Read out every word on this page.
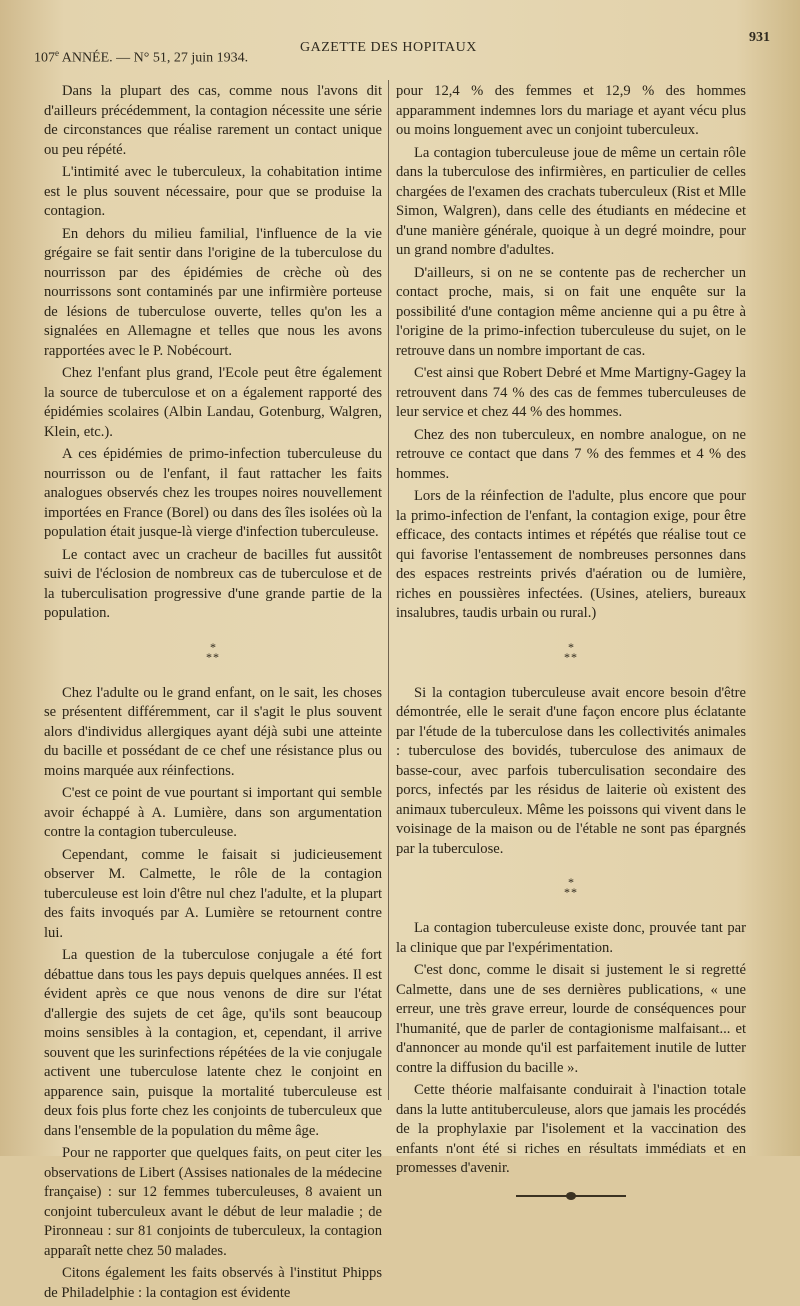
107e ANNÉE. — N° 51, 27 juin 1934.
GAZETTE DES HOPITAUX
931

Dans la plupart des cas, comme nous l'avons dit d'ailleurs précédemment, la contagion nécessite une série de circonstances que réalise rarement un contact unique ou peu répété.

L'intimité avec le tuberculeux, la cohabitation intime est le plus souvent nécessaire, pour que se produise la contagion.

En dehors du milieu familial, l'influence de la vie grégaire se fait sentir dans l'origine de la tuberculose du nourrisson par des épidémies de crèche où des nourrissons sont contaminés par une infirmière porteuse de lésions de tuberculose ouverte, telles qu'on les a signalées en Allemagne et telles que nous les avons rapportées avec le P. Nobécourt.

Chez l'enfant plus grand, l'Ecole peut être également la source de tuberculose et on a également rapporté des épidémies scolaires (Albin Landau, Gotenburg, Walgren, Klein, etc.).

A ces épidémies de primo-infection tuberculeuse du nourrisson ou de l'enfant, il faut rattacher les faits analogues observés chez les troupes noires nouvellement importées en France (Borel) ou dans des îles isolées où la population était jusque-là vierge d'infection tuberculeuse.

Le contact avec un cracheur de bacilles fut aussitôt suivi de l'éclosion de nombreux cas de tuberculose et de la tuberculisation progressive d'une grande partie de la population.

*
**

Chez l'adulte ou le grand enfant, on le sait, les choses se présentent différemment, car il s'agit le plus souvent alors d'individus allergiques ayant déjà subi une atteinte du bacille et possédant de ce chef une résistance plus ou moins marquée aux réinfections.

C'est ce point de vue pourtant si important qui semble avoir échappé à A. Lumière, dans son argumentation contre la contagion tuberculeuse.

Cependant, comme le faisait si judicieusement observer M. Calmette, le rôle de la contagion tuberculeuse est loin d'être nul chez l'adulte, et la plupart des faits invoqués par A. Lumière se retournent contre lui.

La question de la tuberculose conjugale a été fort débattue dans tous les pays depuis quelques années. Il est évident après ce que nous venons de dire sur l'état d'allergie des sujets de cet âge, qu'ils sont beaucoup moins sensibles à la contagion, et, cependant, il arrive souvent que les surinfections répétées de la vie conjugale activent une tuberculose latente chez le conjoint en apparence sain, puisque la mortalité tuberculeuse est deux fois plus forte chez les conjoints de tuberculeux que dans l'ensemble de la population du même âge.

Pour ne rapporter que quelques faits, on peut citer les observations de Libert (Assises nationales de la médecine française) : sur 12 femmes tuberculeuses, 8 avaient un conjoint tuberculeux avant le début de leur maladie ; de Pironneau : sur 81 conjoints de tuberculeux, la contagion apparaît nette chez 50 malades.

Citons également les faits observés à l'institut Phipps de Philadelphie : la contagion est évidente

pour 12,4 % des femmes et 12,9 % des hommes apparamment indemnes lors du mariage et ayant vécu plus ou moins longuement avec un conjoint tuberculeux.

La contagion tuberculeuse joue de même un certain rôle dans la tuberculose des infirmières, en particulier de celles chargées de l'examen des crachats tuberculeux (Rist et Mlle Simon, Walgren), dans celle des étudiants en médecine et d'une manière générale, quoique à un degré moindre, pour un grand nombre d'adultes.

D'ailleurs, si on ne se contente pas de rechercher un contact proche, mais, si on fait une enquête sur la possibilité d'une contagion même ancienne qui a pu être à l'origine de la primo-infection tuberculeuse du sujet, on le retrouve dans un nombre important de cas.

C'est ainsi que Robert Debré et Mme Martigny-Gagey la retrouvent dans 74 % des cas de femmes tuberculeuses de leur service et chez 44 % des hommes.

Chez des non tuberculeux, en nombre analogue, on ne retrouve ce contact que dans 7 % des femmes et 4 % des hommes.

Lors de la réinfection de l'adulte, plus encore que pour la primo-infection de l'enfant, la contagion exige, pour être efficace, des contacts intimes et répétés que réalise tout ce qui favorise l'entassement de nombreuses personnes dans des espaces restreints privés d'aération ou de lumière, riches en poussières infectées. (Usines, ateliers, bureaux insalubres, taudis urbain ou rural.)

*
**

Si la contagion tuberculeuse avait encore besoin d'être démontrée, elle le serait d'une façon encore plus éclatante par l'étude de la tuberculose dans les collectivités animales : tuberculose des bovidés, tuberculose des animaux de basse-cour, avec parfois tuberculisation secondaire des porcs, infectés par les résidus de laiterie où existent des animaux tuberculeux. Même les poissons qui vivent dans le voisinage de la maison ou de l'étable ne sont pas épargnés par la tuberculose.

*
**

La contagion tuberculeuse existe donc, prouvée tant par la clinique que par l'expérimentation.

C'est donc, comme le disait si justement le si regretté Calmette, dans une de ses dernières publications, « une erreur, une très grave erreur, lourde de conséquences pour l'humanité, que de parler de contagionisme malfaisant... et d'annoncer au monde qu'il est parfaitement inutile de lutter contre la diffusion du bacille ».

Cette théorie malfaisante conduirait à l'inaction totale dans la lutte antituberculeuse, alors que jamais les procédés de la prophylaxie par l'isolement et la vaccination des enfants n'ont été si riches en résultats immédiats et en promesses d'avenir.
